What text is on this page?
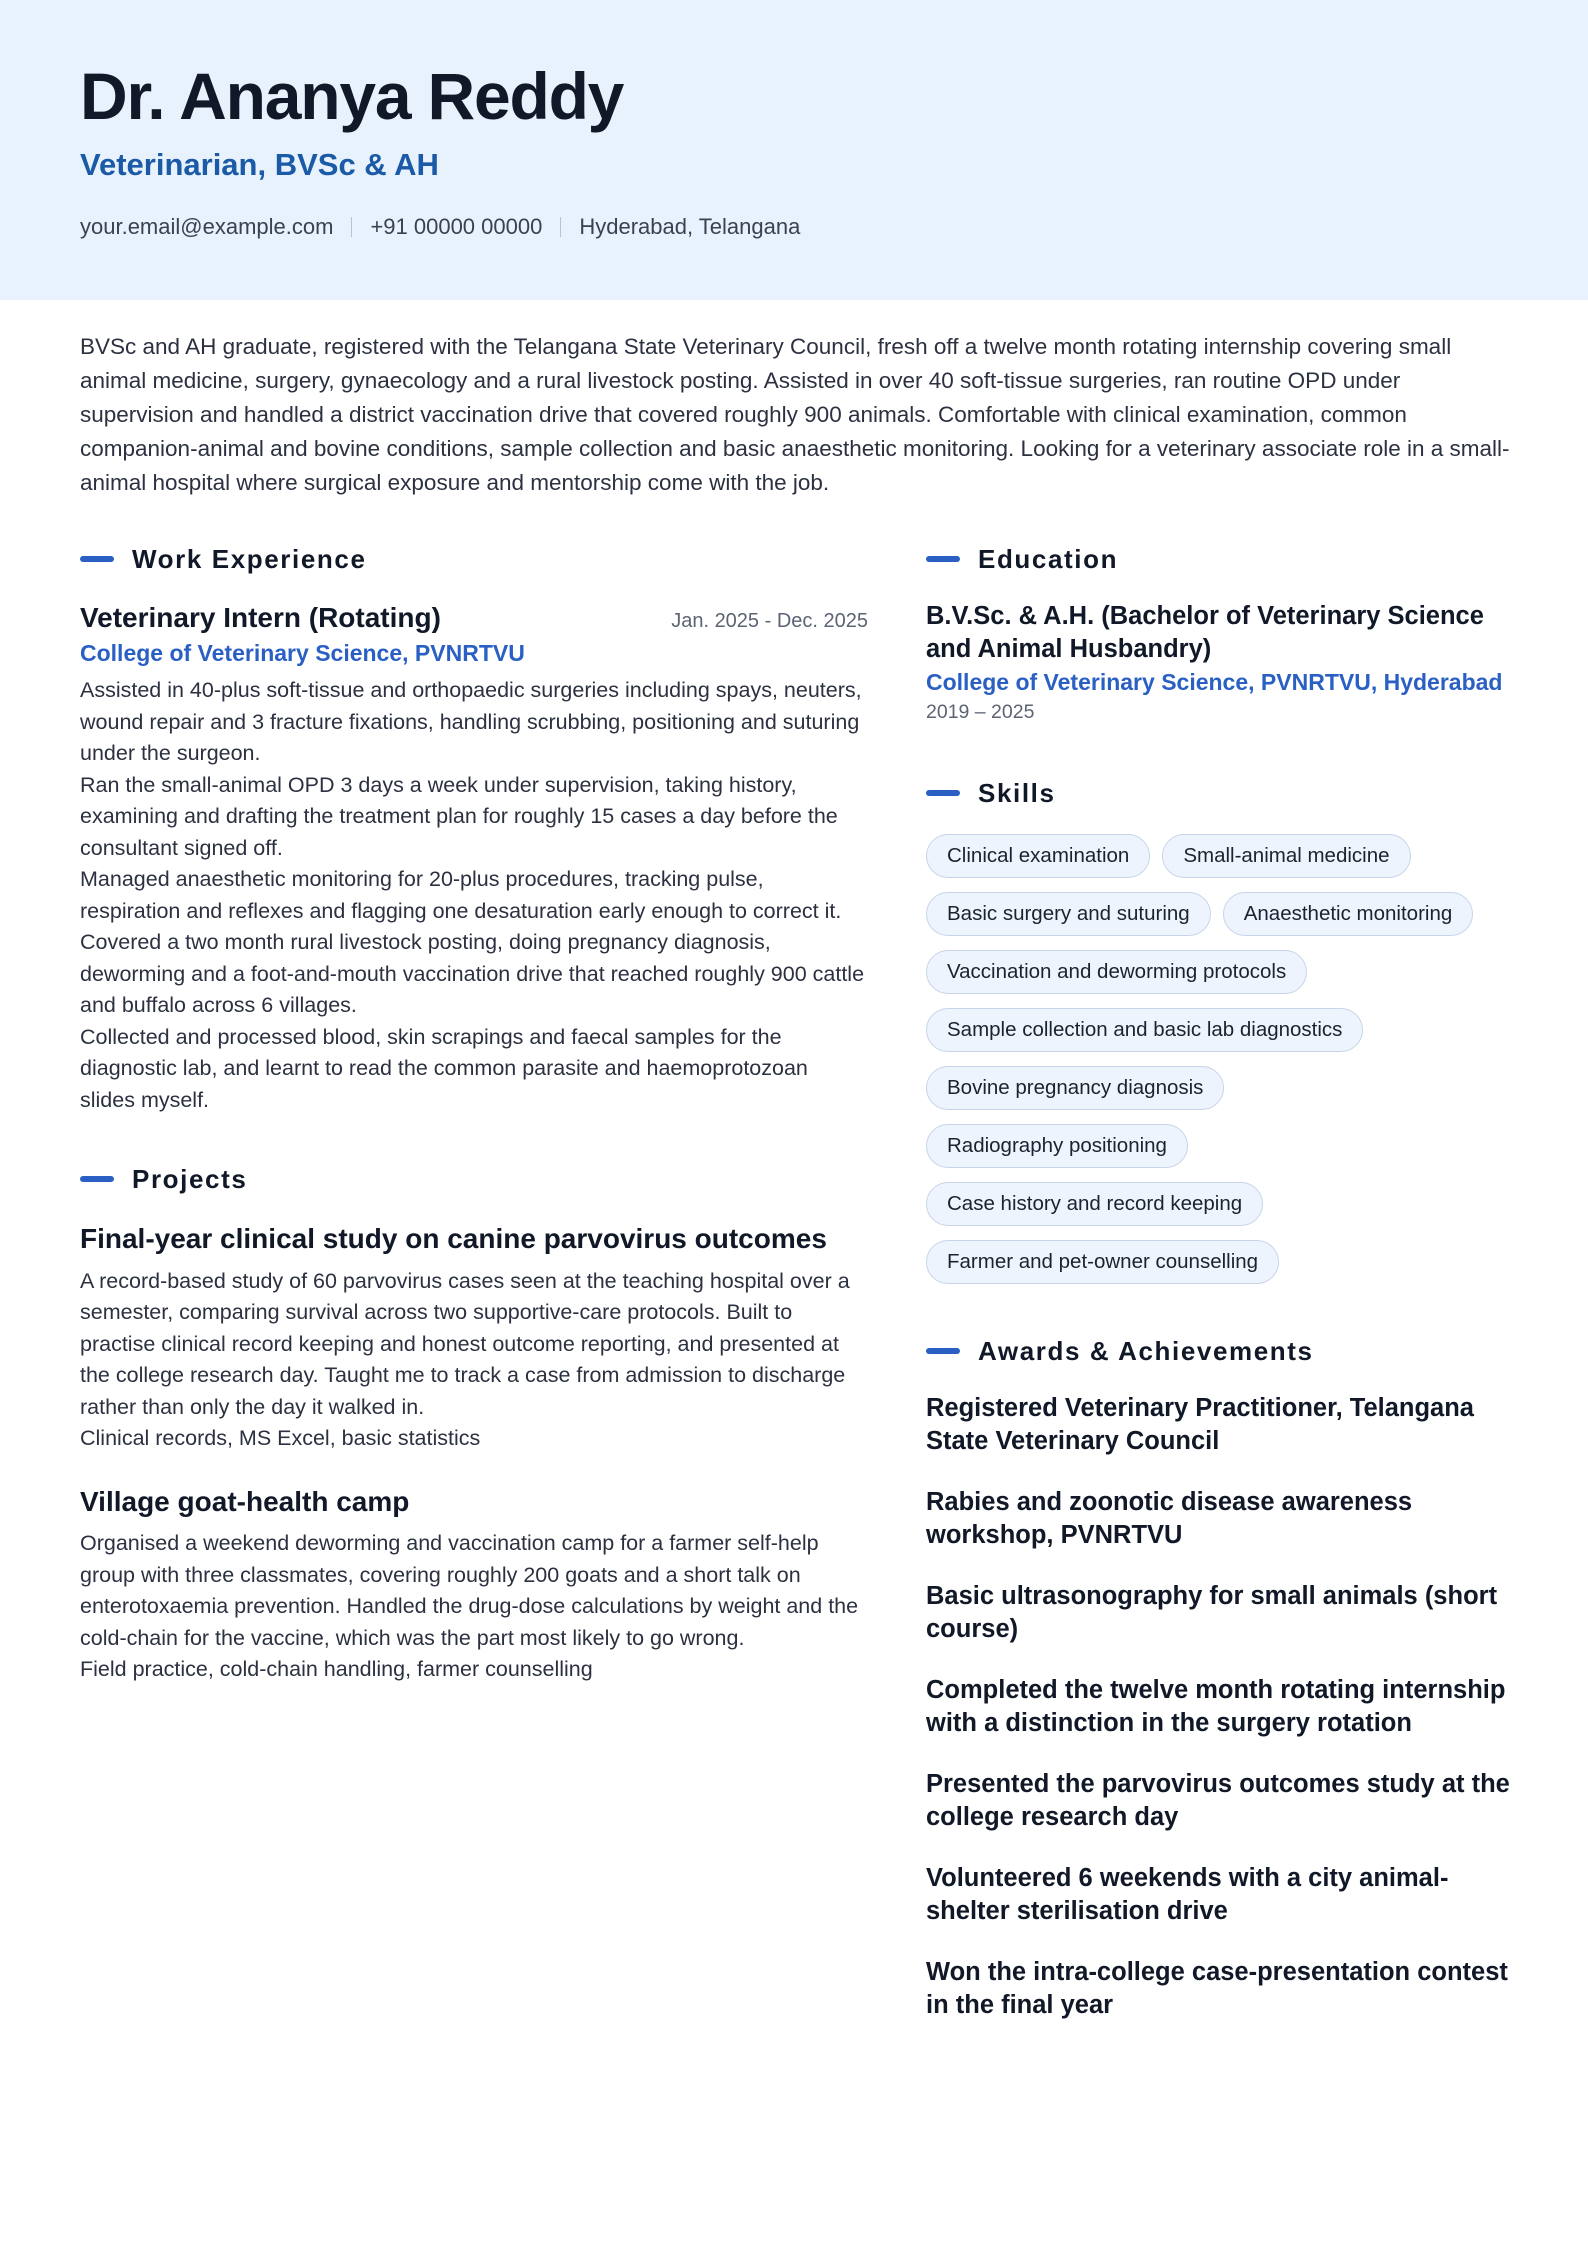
Dr. Ananya Reddy
Veterinarian, BVSc & AH
your.email@example.com +91 00000 00000 Hyderabad, Telangana

BVSc and AH graduate, registered with the Telangana State Veterinary Council, fresh off a twelve month rotating internship covering small animal medicine, surgery, gynaecology and a rural livestock posting. Assisted in over 40 soft-tissue surgeries, ran routine OPD under supervision and handled a district vaccination drive that covered roughly 900 animals. Comfortable with clinical examination, common companion-animal and bovine conditions, sample collection and basic anaesthetic monitoring. Looking for a veterinary associate role in a small-animal hospital where surgical exposure and mentorship come with the job.

Work Experience
Veterinary Intern (Rotating)	Jan. 2025 - Dec. 2025
College of Veterinary Science, PVNRTVU
Assisted in 40-plus soft-tissue and orthopaedic surgeries including spays, neuters, wound repair and 3 fracture fixations, handling scrubbing, positioning and suturing under the surgeon.
Ran the small-animal OPD 3 days a week under supervision, taking history, examining and drafting the treatment plan for roughly 15 cases a day before the consultant signed off.
Managed anaesthetic monitoring for 20-plus procedures, tracking pulse, respiration and reflexes and flagging one desaturation early enough to correct it.
Covered a two month rural livestock posting, doing pregnancy diagnosis, deworming and a foot-and-mouth vaccination drive that reached roughly 900 cattle and buffalo across 6 villages.
Collected and processed blood, skin scrapings and faecal samples for the diagnostic lab, and learnt to read the common parasite and haemoprotozoan slides myself.
Projects
Final-year clinical study on canine parvovirus outcomes
A record-based study of 60 parvovirus cases seen at the teaching hospital over a semester, comparing survival across two supportive-care protocols. Built to practise clinical record keeping and honest outcome reporting, and presented at the college research day. Taught me to track a case from admission to discharge rather than only the day it walked in.
Clinical records, MS Excel, basic statistics
Village goat-health camp
Organised a weekend deworming and vaccination camp for a farmer self-help group with three classmates, covering roughly 200 goats and a short talk on enterotoxaemia prevention. Handled the drug-dose calculations by weight and the cold-chain for the vaccine, which was the part most likely to go wrong.
Field practice, cold-chain handling, farmer counselling
Education
B.V.Sc. & A.H. (Bachelor of Veterinary Science and Animal Husbandry)
College of Veterinary Science, PVNRTVU, Hyderabad
2019 – 2025
Skills
Clinical examination	Small-animal medicine
Basic surgery and suturing	Anaesthetic monitoring
Vaccination and deworming protocols
Sample collection and basic lab diagnostics
Bovine pregnancy diagnosis
Radiography positioning
Case history and record keeping
Farmer and pet-owner counselling
Awards & Achievements
Registered Veterinary Practitioner, Telangana State Veterinary Council
Rabies and zoonotic disease awareness workshop, PVNRTVU
Basic ultrasonography for small animals (short course)
Completed the twelve month rotating internship with a distinction in the surgery rotation
Presented the parvovirus outcomes study at the college research day
Volunteered 6 weekends with a city animal-shelter sterilisation drive
Won the intra-college case-presentation contest in the final year
